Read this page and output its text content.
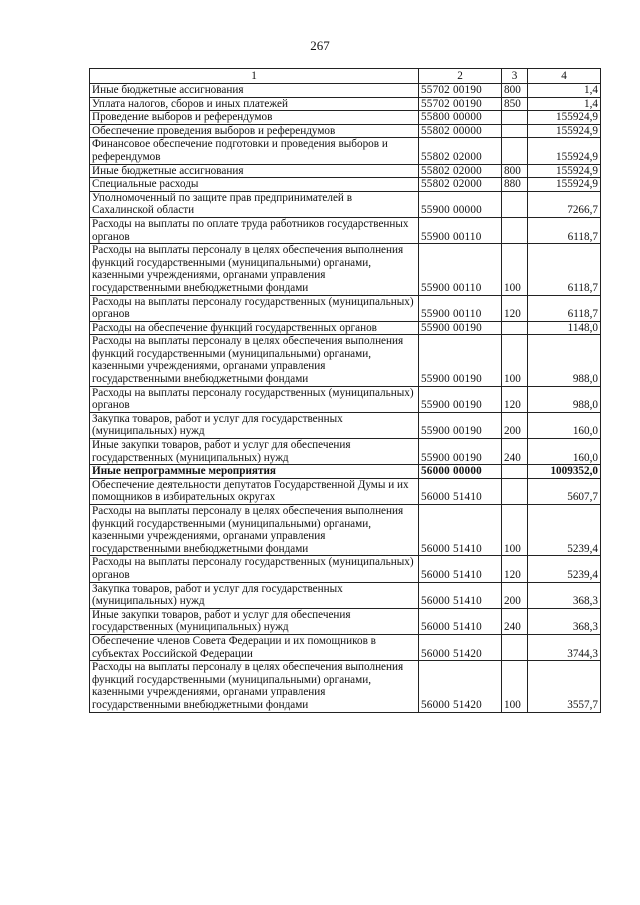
267
1	2	3	4
Иные бюджетные ассигнования	55702 00190	800	1,4
Уплата налогов, сборов и иных платежей	55702 00190	850	1,4
Проведение выборов и референдумов	55800 00000		155924,9
Обеспечение проведения выборов и референдумов	55802 00000		155924,9
Финансовое обеспечение подготовки и проведения выборов и референдумов	55802 02000		155924,9
Иные бюджетные ассигнования	55802 02000	800	155924,9
Специальные расходы	55802 02000	880	155924,9
Уполномоченный по защите прав предпринимателей в Сахалинской области	55900 00000		7266,7
Расходы на выплаты по оплате труда работников государственных органов	55900 00110		6118,7
Расходы на выплаты персоналу в целях обеспечения выполнения функций государственными (муниципальными) органами, казенными учреждениями, органами управления государственными внебюджетными фондами	55900 00110	100	6118,7
Расходы на выплаты персоналу государственных (муниципальных) органов	55900 00110	120	6118,7
Расходы на обеспечение функций государственных органов	55900 00190		1148,0
Расходы на выплаты персоналу в целях обеспечения выполнения функций государственными (муниципальными) органами, казенными учреждениями, органами управления государственными внебюджетными фондами	55900 00190	100	988,0
Расходы на выплаты персоналу государственных (муниципальных) органов	55900 00190	120	988,0
Закупка товаров, работ и услуг для государственных (муниципальных) нужд	55900 00190	200	160,0
Иные закупки товаров, работ и услуг для обеспечения государственных (муниципальных) нужд	55900 00190	240	160,0
Иные непрограммные мероприятия	56000 00000		1009352,0
Обеспечение деятельности депутатов Государственной Думы и их помощников в избирательных округах	56000 51410		5607,7
Расходы на выплаты персоналу в целях обеспечения выполнения функций государственными (муниципальными) органами, казенными учреждениями, органами управления государственными внебюджетными фондами	56000 51410	100	5239,4
Расходы на выплаты персоналу государственных (муниципальных) органов	56000 51410	120	5239,4
Закупка товаров, работ и услуг для государственных (муниципальных) нужд	56000 51410	200	368,3
Иные закупки товаров, работ и услуг для обеспечения государственных (муниципальных) нужд	56000 51410	240	368,3
Обеспечение членов Совета Федерации и их помощников в субъектах Российской Федерации	56000 51420		3744,3
Расходы на выплаты персоналу в целях обеспечения выполнения функций государственными (муниципальными) органами, казенными учреждениями, органами управления государственными внебюджетными фондами	56000 51420	100	3557,7
